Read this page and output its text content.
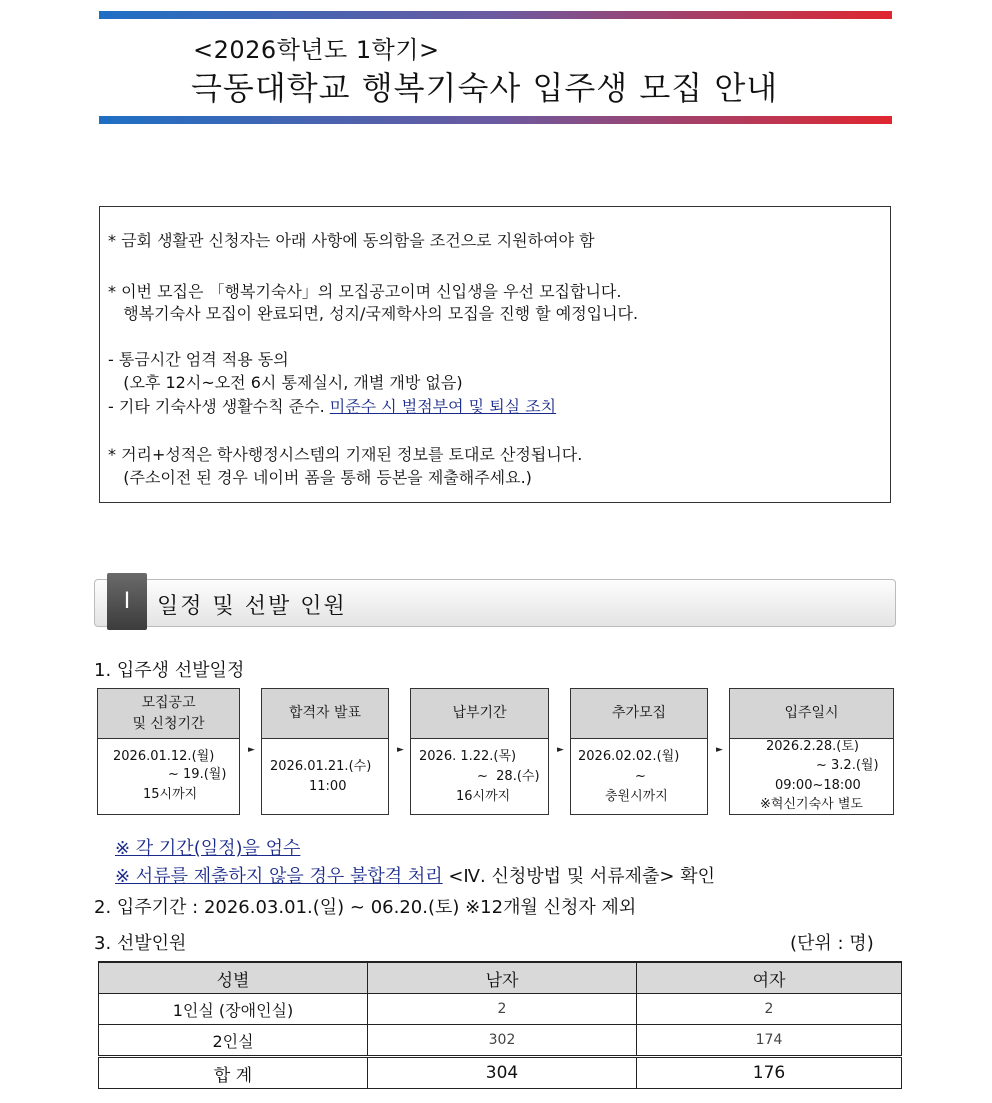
<2026학년도 1학기>
극동대학교 행복기숙사 입주생 모집 안내
* 금회 생활관 신청자는 아래 사항에 동의함을 조건으로 지원하여야 함
* 이번 모집은 「행복기숙사」의 모집공고이며 신입생을 우선 모집합니다.
행복기숙사 모집이 완료되면, 성지/국제학사의 모집을 진행 할 예정입니다.
- 통금시간 엄격 적용 동의
(오후 12시~오전 6시 통제실시, 개별 개방 없음)
- 기타 기숙사생 생활수칙 준수. 미준수 시 벌점부여 및 퇴실 조치
* 거리+성적은 학사행정시스템의 기재된 정보를 토대로 산정됩니다.
(주소이전 된 경우 네이버 폼을 통해 등본을 제출해주세요.)
Ⅰ	일정 및 선발 인원
1. 입주생 선발일정
모집공고
및 신청기간
2026.01.12.(월)
~ 19.(월)
15시까지
►
합격자 발표
2026.01.21.(수)
11:00
►
납부기간
2026. 1.22.(목)
~  28.(수)
16시까지
►
추가모집
2026.02.02.(월)
~
충원시까지
►
입주일시
2026.2.28.(토)
~ 3.2.(월)
09:00~18:00
※혁신기숙사 별도
※ 각 기간(일정)을 엄수
※ 서류를 제출하지 않을 경우 불합격 처리 <Ⅳ. 신청방법 및 서류제출> 확인
2. 입주기간 : 2026.03.01.(일) ~ 06.20.(토) ※12개월 신청자 제외
3. 선발인원	(단위 : 명)
성별	남자	여자
1인실 (장애인실)	2	2
2인실	302	174
합 계	304	176
